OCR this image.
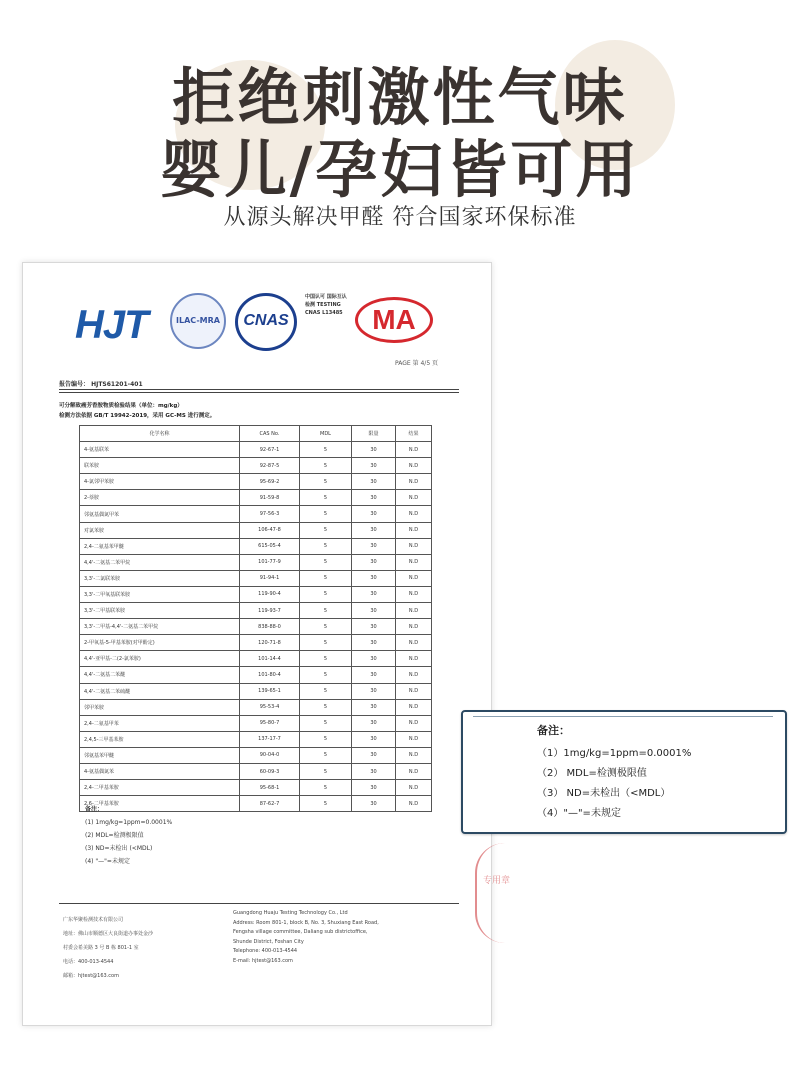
拒绝刺激性气味
婴儿/孕妇皆可用
从源头解决甲醛 符合国家环保标准
HJT	ILAC-MRA	CNAS
中国认可 国际互认 检测 TESTING CNAS L13485	MA
PAGE 第 4/5 页
报告编号： HJTS61201-401
可分解致癌芳香胺物质检验结果（单位：mg/kg）
检测方法依据 GB/T 19942-2019，采用 GC-MS 进行测定。
化学名称	CAS No.	MDL	限量	结果
4-氨基联苯	92-67-1	5	30	N.D
联苯胺	92-87-5	5	30	N.D
4-氯邻甲苯胺	95-69-2	5	30	N.D
2-萘胺	91-59-8	5	30	N.D
邻氨基偶氮甲苯	97-56-3	5	30	N.D
对氯苯胺	106-47-8	5	30	N.D
2,4-二氨基苯甲醚	615-05-4	5	30	N.D
4,4'-二氨基二苯甲烷	101-77-9	5	30	N.D
3,3'-二氯联苯胺	91-94-1	5	30	N.D
3,3'-二甲氧基联苯胺	119-90-4	5	30	N.D
3,3'-二甲基联苯胺	119-93-7	5	30	N.D
3,3'-二甲基-4,4'-二氨基二苯甲烷	838-88-0	5	30	N.D
2-甲氧基-5-甲基苯胺(对甲酚定)	120-71-8	5	30	N.D
4,4'-亚甲基-二(2-氯苯胺)	101-14-4	5	30	N.D
4,4'-二氨基二苯醚	101-80-4	5	30	N.D
4,4'-二氨基二苯硫醚	139-65-1	5	30	N.D
邻甲苯胺	95-53-4	5	30	N.D
2,4-二氨基甲苯	95-80-7	5	30	N.D
2,4,5-三甲基苯胺	137-17-7	5	30	N.D
邻氨基苯甲醚	90-04-0	5	30	N.D
4-氨基偶氮苯	60-09-3	5	30	N.D
2,4-二甲基苯胺	95-68-1	5	30	N.D
2,6-二甲基苯胺	87-62-7	5	30	N.D
备注：
(1) 1mg/kg=1ppm=0.0001%
(2) MDL=检测极限值
(3) ND=未检出 (<MDL)
(4) "—"=未规定
广东华聚检测技术有限公司
地址：佛山市顺德区大良街道办事处金沙
村委会希美路 3 号 B 栋 801-1 室
电话：400-013-4544
邮箱：hjtest@163.com
Guangdong Huaju Testing Technology Co., Ltd
Address: Room 801-1, block B, No. 3, Shuxiang East Road,
Fengsha village committee, Daliang sub districtoffice,
Shunde District, Foshan City
Telephone: 400-013-4544
E-mail: hjtest@163.com
专用章
备注：
（1）1mg/kg=1ppm=0.0001%
（2） MDL=检测极限值
（3） ND=未检出（<MDL）
（4）"—"=未规定
